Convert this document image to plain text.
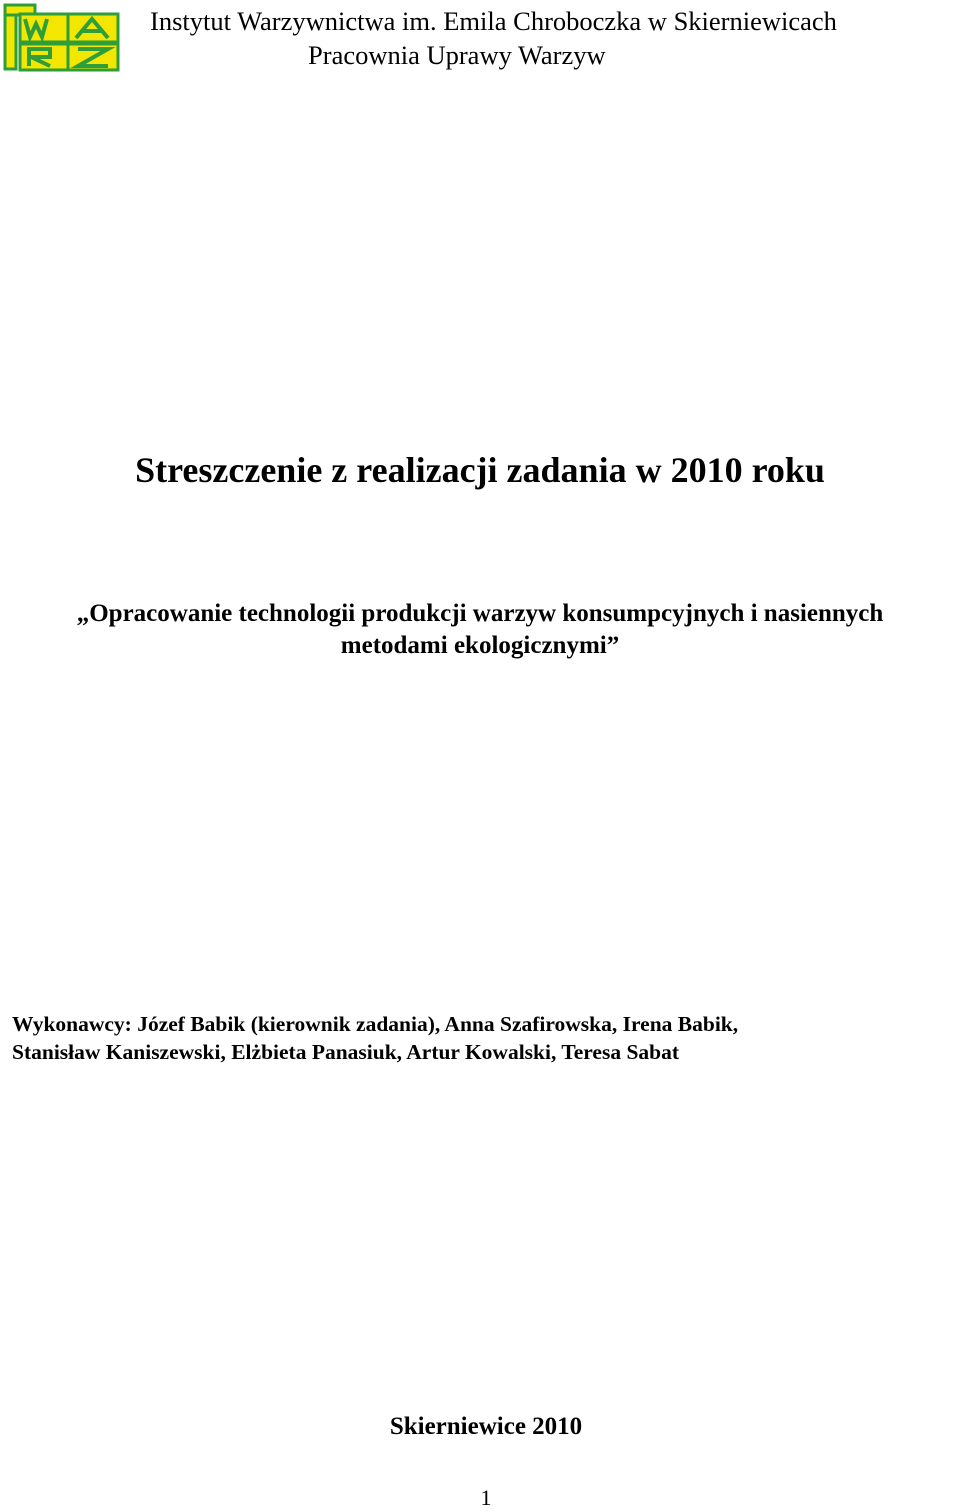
Instytut Warzywnictwa im. Emila Chroboczka w Skierniewicach
Pracownia Uprawy Warzyw
Streszczenie z realizacji zadania w 2010 roku
„Opracowanie technologii produkcji warzyw konsumpcyjnych i nasiennych
metodami ekologicznymi”
Wykonawcy: Józef Babik (kierownik zadania), Anna Szafirowska, Irena Babik,
Stanisław Kaniszewski, Elżbieta Panasiuk, Artur Kowalski, Teresa Sabat
Skierniewice 2010
1
